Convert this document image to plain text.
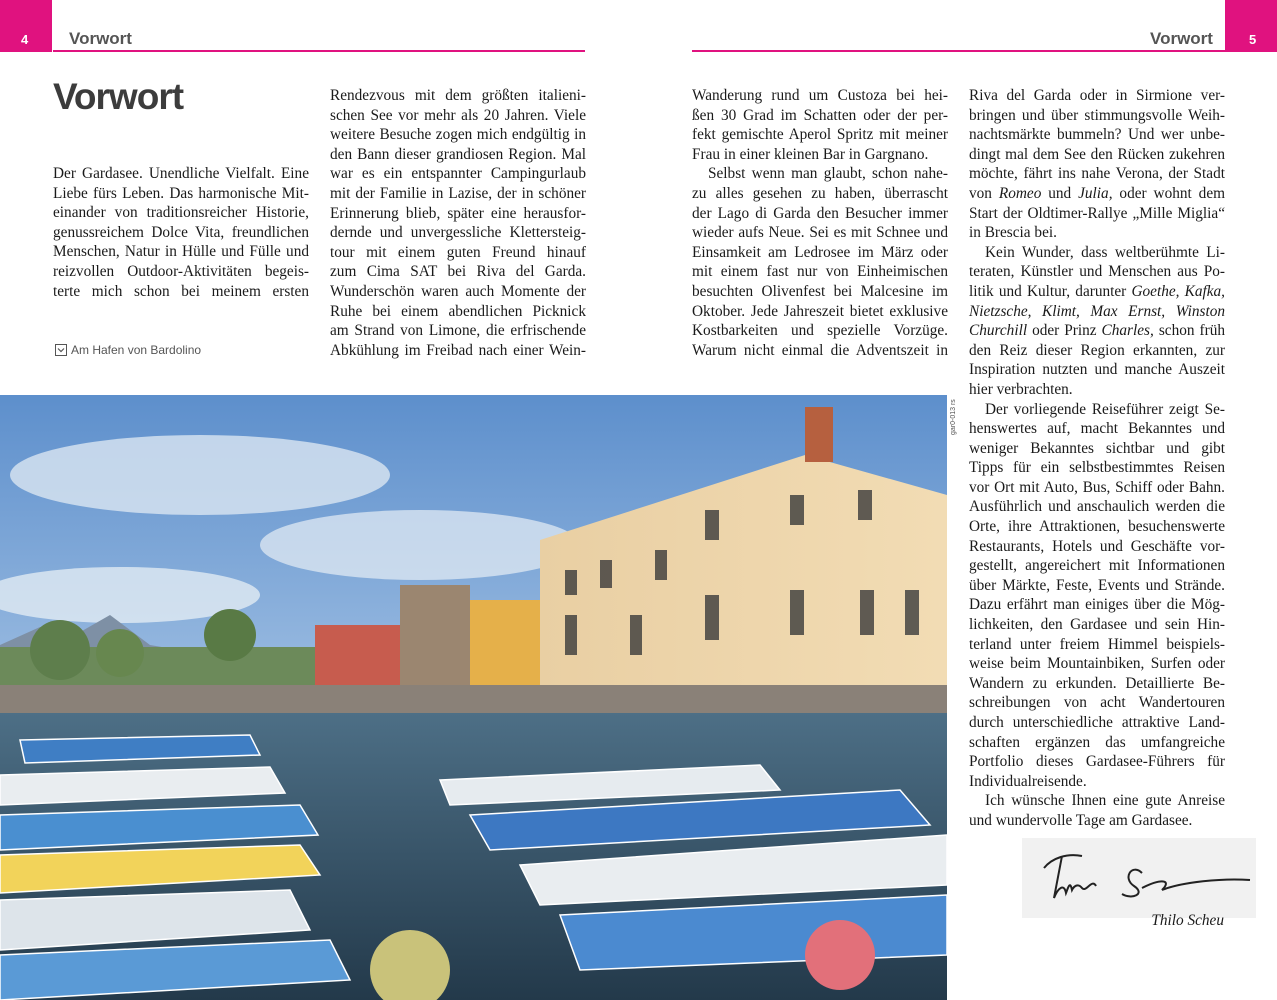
4 Vorwort	5
Vorwort
Vorwort

Der Gardasee. Unendliche Vielfalt. Eine

Liebe fürs Leben. Das harmonische Mit-

einander von traditionsreicher Historie,

genussreichem Dolce Vita, freundlichen

Menschen, Natur in Hülle und Fülle und

reizvollen Outdoor-Aktivitäten begeis-

terte mich schon bei meinem ersten

Am Hafen von Bardolino

Rendezvous mit dem größten italieni-

schen See vor mehr als 20 Jahren. Viele

weitere Besuche zogen mich endgültig in

den Bann dieser grandiosen Region. Mal

war es ein entspannter Campingurlaub

mit der Familie in Lazise, der in schöner

Erinnerung blieb, später eine herausfor-

dernde und unvergessliche Klettersteig-

tour mit einem guten Freund hinauf

zum Cima SAT bei Riva del Garda.

Wunderschön waren auch Momente der

Ruhe bei einem abendlichen Picknick

am Strand von Limone, die erfrischende

Abkühlung im Freibad nach einer Wein-

Wanderung rund um Custoza bei hei-

ßen 30 Grad im Schatten oder der per-

fekt gemischte Aperol Spritz mit meiner

Frau in einer kleinen Bar in Gargnano.

Selbst wenn man glaubt, schon nahe-

zu alles gesehen zu haben, überrascht

der Lago di Garda den Besucher immer

wieder aufs Neue. Sei es mit Schnee und

Einsamkeit am Ledrosee im März oder

mit einem fast nur von Einheimischen

besuchten Olivenfest bei Malcesine im

Oktober. Jede Jahreszeit bietet exklusive

Kostbarkeiten und spezielle Vorzüge.

Warum nicht einmal die Adventszeit in

Riva del Garda oder in Sirmione ver-

bringen und über stimmungsvolle Weih-

nachtsmärkte bummeln? Und wer unbe-

dingt mal dem See den Rücken zukehren

möchte, fährt ins nahe Verona, der Stadt

von Romeo und Julia, oder wohnt dem

Start der Oldtimer-Rallye „Mille Miglia“

in Brescia bei.

Kein Wunder, dass weltberühmte Li-

teraten, Künstler und Menschen aus Po-

litik und Kultur, darunter Goethe, Kafka,

Nietzsche, Klimt, Max Ernst, Winston

Churchill oder Prinz Charles, schon früh

den Reiz dieser Region erkannten, zur

Inspiration nutzten und manche Auszeit

hier verbrachten.

Der vorliegende Reiseführer zeigt Se-

henswertes auf, macht Bekanntes und

weniger Bekanntes sichtbar und gibt

Tipps für ein selbstbestimmtes Reisen

vor Ort mit Auto, Bus, Schiff oder Bahn.

Ausführlich und anschaulich werden die

Orte, ihre Attraktionen, besuchenswerte

Restaurants, Hotels und Geschäfte vor-

gestellt, angereichert mit Informationen

über Märkte, Feste, Events und Strände.

Dazu erfährt man einiges über die Mög-

lichkeiten, den Gardasee und sein Hin-

terland unter freiem Himmel beispiels-

weise beim Mountainbiken, Surfen oder

Wandern zu erkunden. Detaillierte Be-

schreibungen von acht Wandertouren

durch unterschiedliche attraktive Land-

schaften ergänzen das umfangreiche

Portfolio dieses Gardasee-Führers für

Individualreisende.

Ich wünsche Ihnen eine gute Anreise

und wundervolle Tage am Gardasee.

gar0-013 rs
Thilo Scheu
